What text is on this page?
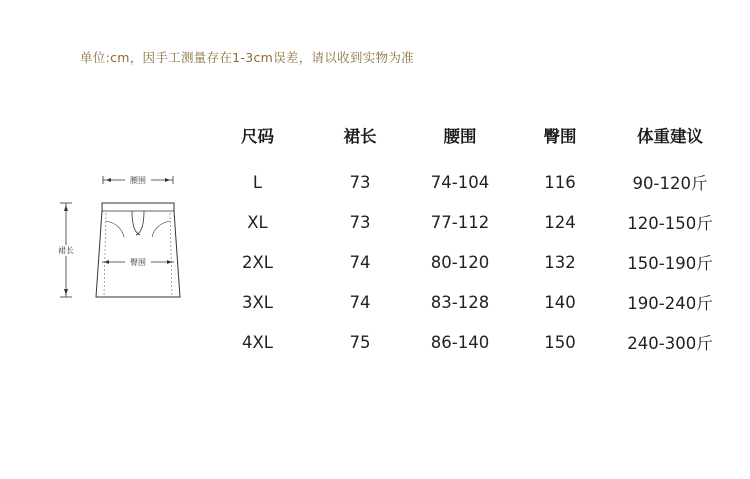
单位:cm，因手工测量存在1-3cm误差，请以收到实物为准
腰围
臀围
裙长
尺码	裙长	腰围	臀围	体重建议
L	73	74-104	116	90-120斤
XL	73	77-112	124	120-150斤
2XL	74	80-120	132	150-190斤
3XL	74	83-128	140	190-240斤
4XL	75	86-140	150	240-300斤
